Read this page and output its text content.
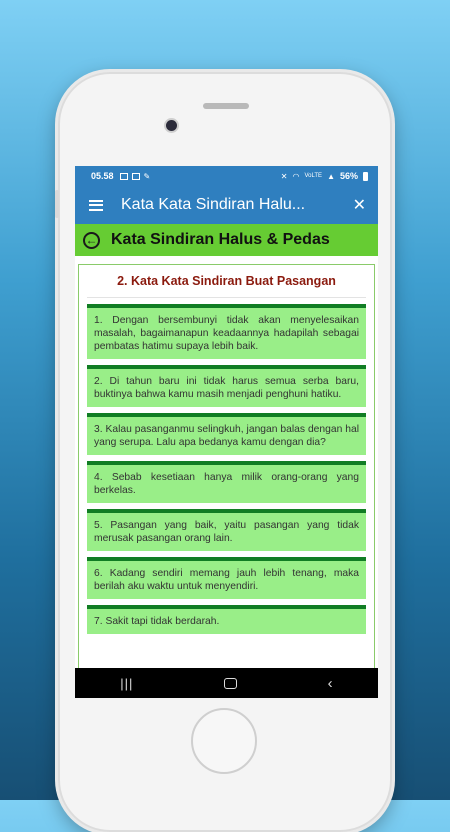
05.58	✎	✕ ◠ VoLTE ▲ 56%
Kata Kata Sindiran Halu...	✕
← Kata Sindiran Halus & Pedas
2. Kata Kata Sindiran Buat Pasangan
1. Dengan bersembunyi tidak akan menyelesaikan masalah, bagaimanapun keadaannya hadapilah sebagai pembatas hatimu supaya lebih baik.
2. Di tahun baru ini tidak harus semua serba baru, buktinya bahwa kamu masih menjadi penghuni hatiku.
3. Kalau pasanganmu selingkuh, jangan balas dengan hal yang serupa. Lalu apa bedanya kamu dengan dia?
4. Sebab kesetiaan hanya milik orang-orang yang berkelas.
5. Pasangan yang baik, yaitu pasangan yang tidak merusak pasangan orang lain.
6. Kadang sendiri memang jauh lebih tenang, maka berilah aku waktu untuk menyendiri.
7. Sakit tapi tidak berdarah.
|||	‹
